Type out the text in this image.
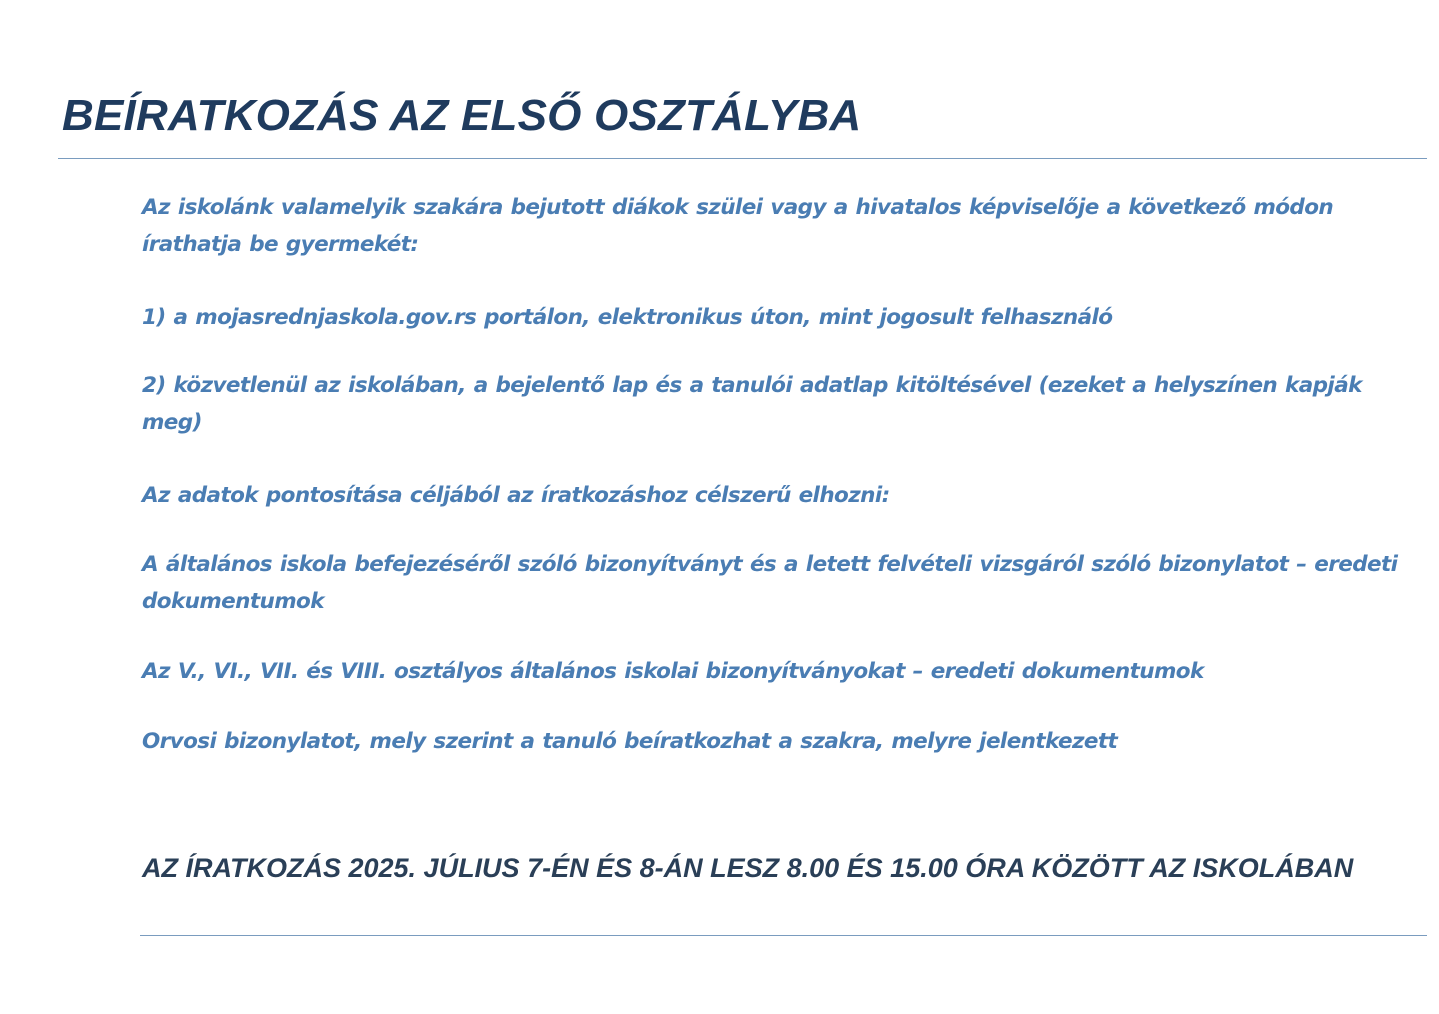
BEÍRATKOZÁS AZ ELSŐ OSZTÁLYBA

Az iskolánk valamelyik szakára bejutott diákok szülei vagy a hivatalos képviselője a következő módon írathatja be gyermekét:

1) a mojasrednjaskola.gov.rs portálon, elektronikus úton, mint jogosult felhasználó

2) közvetlenül az iskolában, a bejelentő lap és a tanulói adatlap kitöltésével (ezeket a helyszínen kapják meg)

Az adatok pontosítása céljából az íratkozáshoz célszerű elhozni:

A általános iskola befejezéséről szóló bizonyítványt és a letett felvételi vizsgáról szóló bizonylatot – eredeti dokumentumok

Az V., VI., VII. és VIII. osztályos általános iskolai bizonyítványokat – eredeti dokumentumok

Orvosi bizonylatot, mely szerint a tanuló beíratkozhat a szakra, melyre jelentkezett

AZ ÍRATKOZÁS 2025. JÚLIUS 7-ÉN ÉS 8-ÁN LESZ 8.00 ÉS 15.00 ÓRA KÖZÖTT AZ ISKOLÁBAN
